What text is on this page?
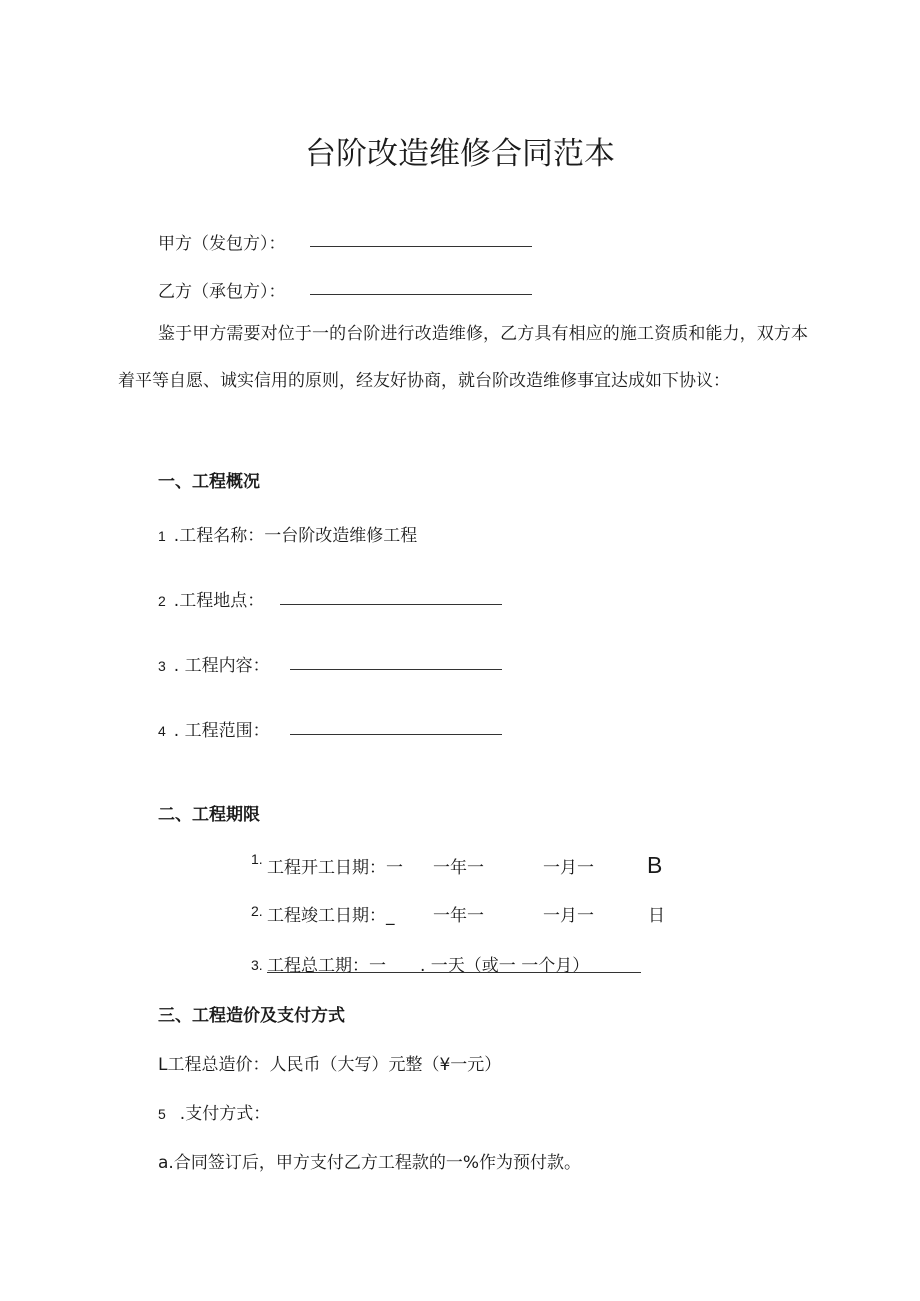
台阶改造维修合同范本
甲方（发包方）：
乙方（承包方）：
鉴于甲方需要对位于一的台阶进行改造维修，乙方具有相应的施工资质和能力，双方本着平等自愿、诚实信用的原则，经友好协商，就台阶改造维修事宜达成如下协议：
一、工程概况
1 .工程名称：一台阶改造维修工程
2 .工程地点：
3 . 工程内容：
4 . 工程范围：
二、工程期限
1. 工程开工日期：一 一年一	一月一 B
2. 工程竣工日期：_ 一年一	一月一	日
3. 工程总工期：一　　. 一天（或一 一个月）
三、工程造价及支付方式
L工程总造价：人民币（大写）元整（¥一元）
5 .支付方式：
a.合同签订后，甲方支付乙方工程款的一%作为预付款。
